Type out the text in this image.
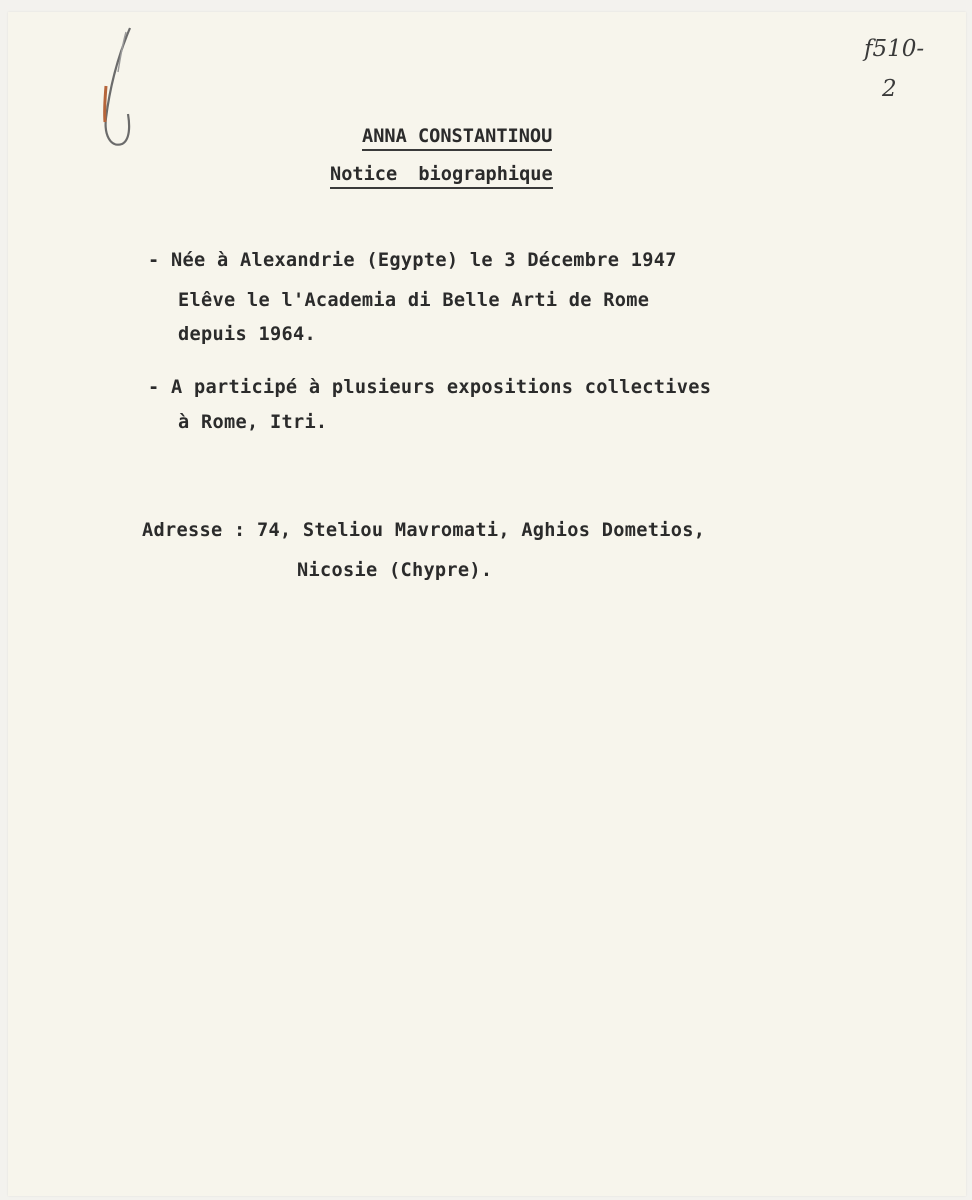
f510-
2
ANNA CONSTANTINOU
Notice biographique
- Née à Alexandrie (Egypte) le 3 Décembre 1947
Elêve le l'Academia di Belle Arti de Rome
depuis 1964.
- A participé à plusieurs expositions collectives
à Rome, Itri.
Adresse : 74, Steliou Mavromati, Aghios Dometios,
Nicosie (Chypre).
